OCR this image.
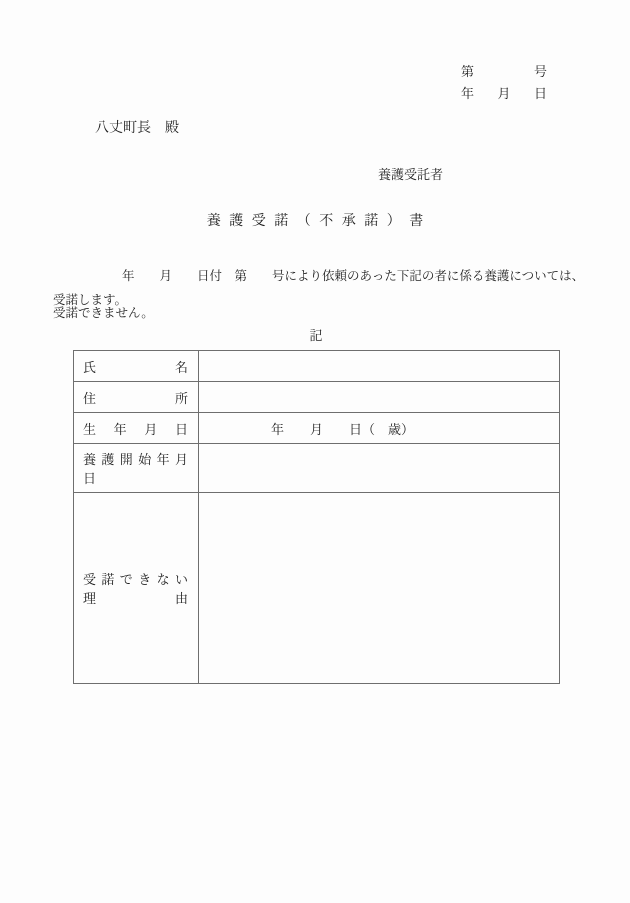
第	号
年 月 日
八丈町長　殿
養護受託者
養護受諾（不承諾）書

年　　月　　日付　第　　号により依頼のあった下記の者に係る養護については、

受諾します。

受諾できません。

記
氏 名	

住 所	

生 年 月 日	年　　月　　日（　歳）

養 護 開 始 年 月 日	

受 諾 で き な い 理 由	
